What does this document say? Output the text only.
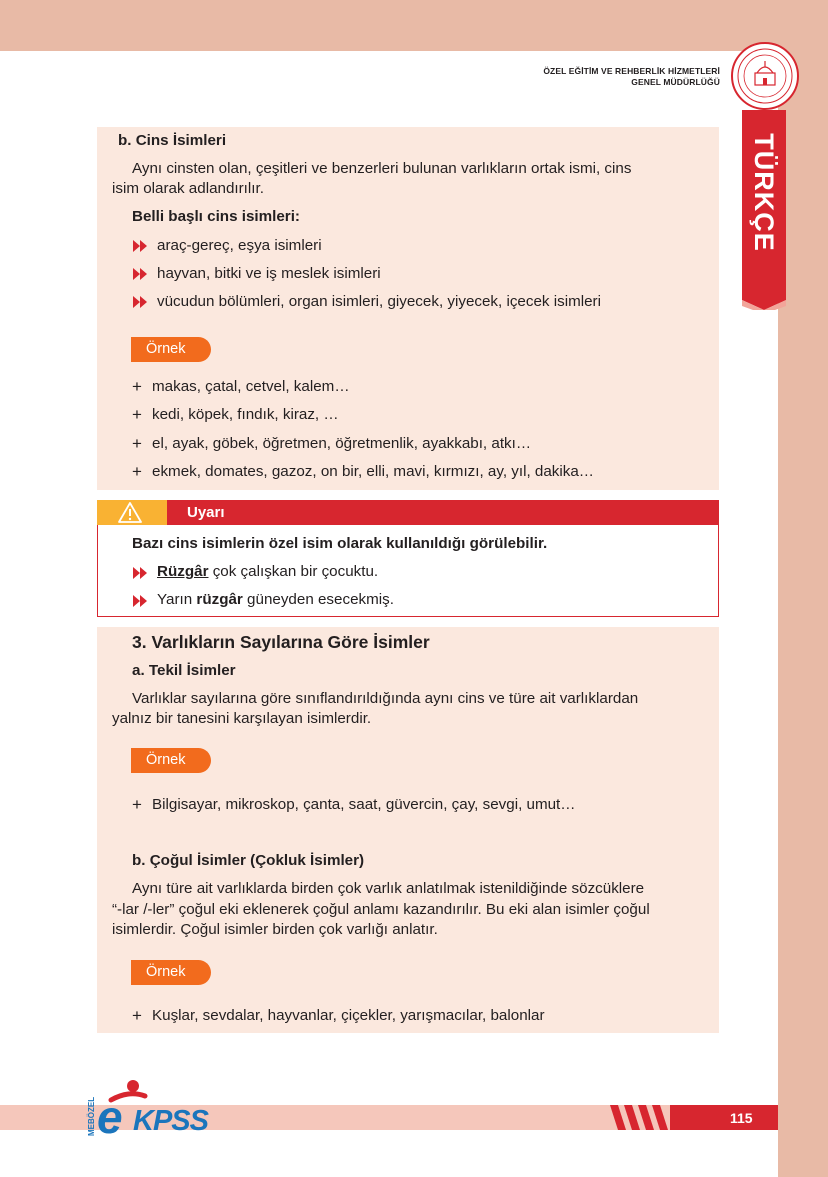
ÖZEL EĞİTİM VE REHBERLİK HİZMETLERİ
GENEL MÜDÜRLÜĞÜ
TÜRKÇE
b. Cins İsimleri
Aynı cinsten olan, çeşitleri ve benzerleri bulunan varlıkların ortak ismi, cins
isim olarak adlandırılır.
Belli başlı cins isimleri:
araç-gereç, eşya isimleri
hayvan, bitki ve iş meslek isimleri
vücudun bölümleri, organ isimleri, giyecek, yiyecek, içecek isimleri
Örnek
+ makas, çatal, cetvel, kalem…
+ kedi, köpek, fındık, kiraz, …
+ el, ayak, göbek, öğretmen, öğretmenlik, ayakkabı, atkı…
+ ekmek, domates, gazoz, on bir, elli, mavi, kırmızı, ay, yıl, dakika…
Uyarı
Bazı cins isimlerin özel isim olarak kullanıldığı görülebilir.
Rüzgâr çok çalışkan bir çocuktu.
Yarın rüzgâr güneyden esecekmiş.
3. Varlıkların Sayılarına Göre İsimler
a. Tekil İsimler
Varlıklar sayılarına göre sınıflandırıldığında aynı cins ve türe ait varlıklardan
yalnız bir tanesini karşılayan isimlerdir.
Örnek
+ Bilgisayar, mikroskop, çanta, saat, güvercin, çay, sevgi, umut…
b. Çoğul İsimler (Çokluk İsimler)
Aynı türe ait varlıklarda birden çok varlık anlatılmak istenildiğinde sözcüklere
“-lar /-ler” çoğul eki eklenerek çoğul anlamı kazandırılır. Bu eki alan isimler çoğul
isimlerdir. Çoğul isimler birden çok varlığı anlatır.
Örnek
+ Kuşlar, sevdalar, hayvanlar, çiçekler, yarışmacılar, balonlar
115
MEBÖZEL e KPSS
